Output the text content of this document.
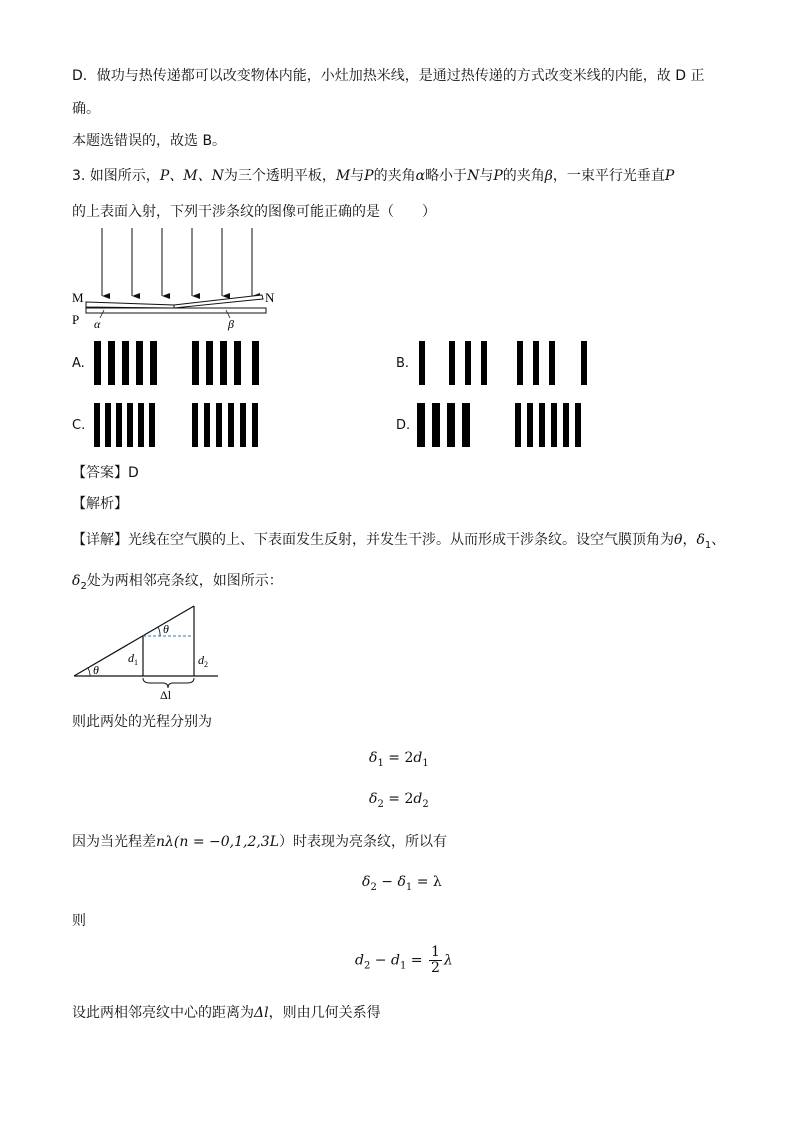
D．做功与热传递都可以改变物体内能，小灶加热米线，是通过热传递的方式改变米线的内能，故 D 正
确。
本题选错误的，故选 B。
3. 如图所示，P、M、N为三个透明平板，M与P的夹角α略小于N与P的夹角β，一束平行光垂直P
的上表面入射，下列干涉条纹的图像可能正确的是（　　）
M	N
P α	β
A.	B.
C.	D.
【答案】D
【解析】
【详解】光线在空气膜的上、下表面发生反射，并发生干涉。从而形成干涉条纹。设空气膜顶角为θ，$\delta_1$、
$\delta_2$处为两相邻亮条纹，如图所示：
θ
θ
$d_1$	$d_2$
Δl
则此两处的光程分别为
$\delta_1 = 2d_1$
$\delta_2 = 2d_2$
因为当光程差nλ(n = −0,1,2,3L）时表现为亮条纹，所以有
$\delta_2 - \delta_1 = \lambda$
则
$d_2 - d_1 = \frac{1}{2}$ λ
设此两相邻亮纹中心的距离为Δl，则由几何关系得
